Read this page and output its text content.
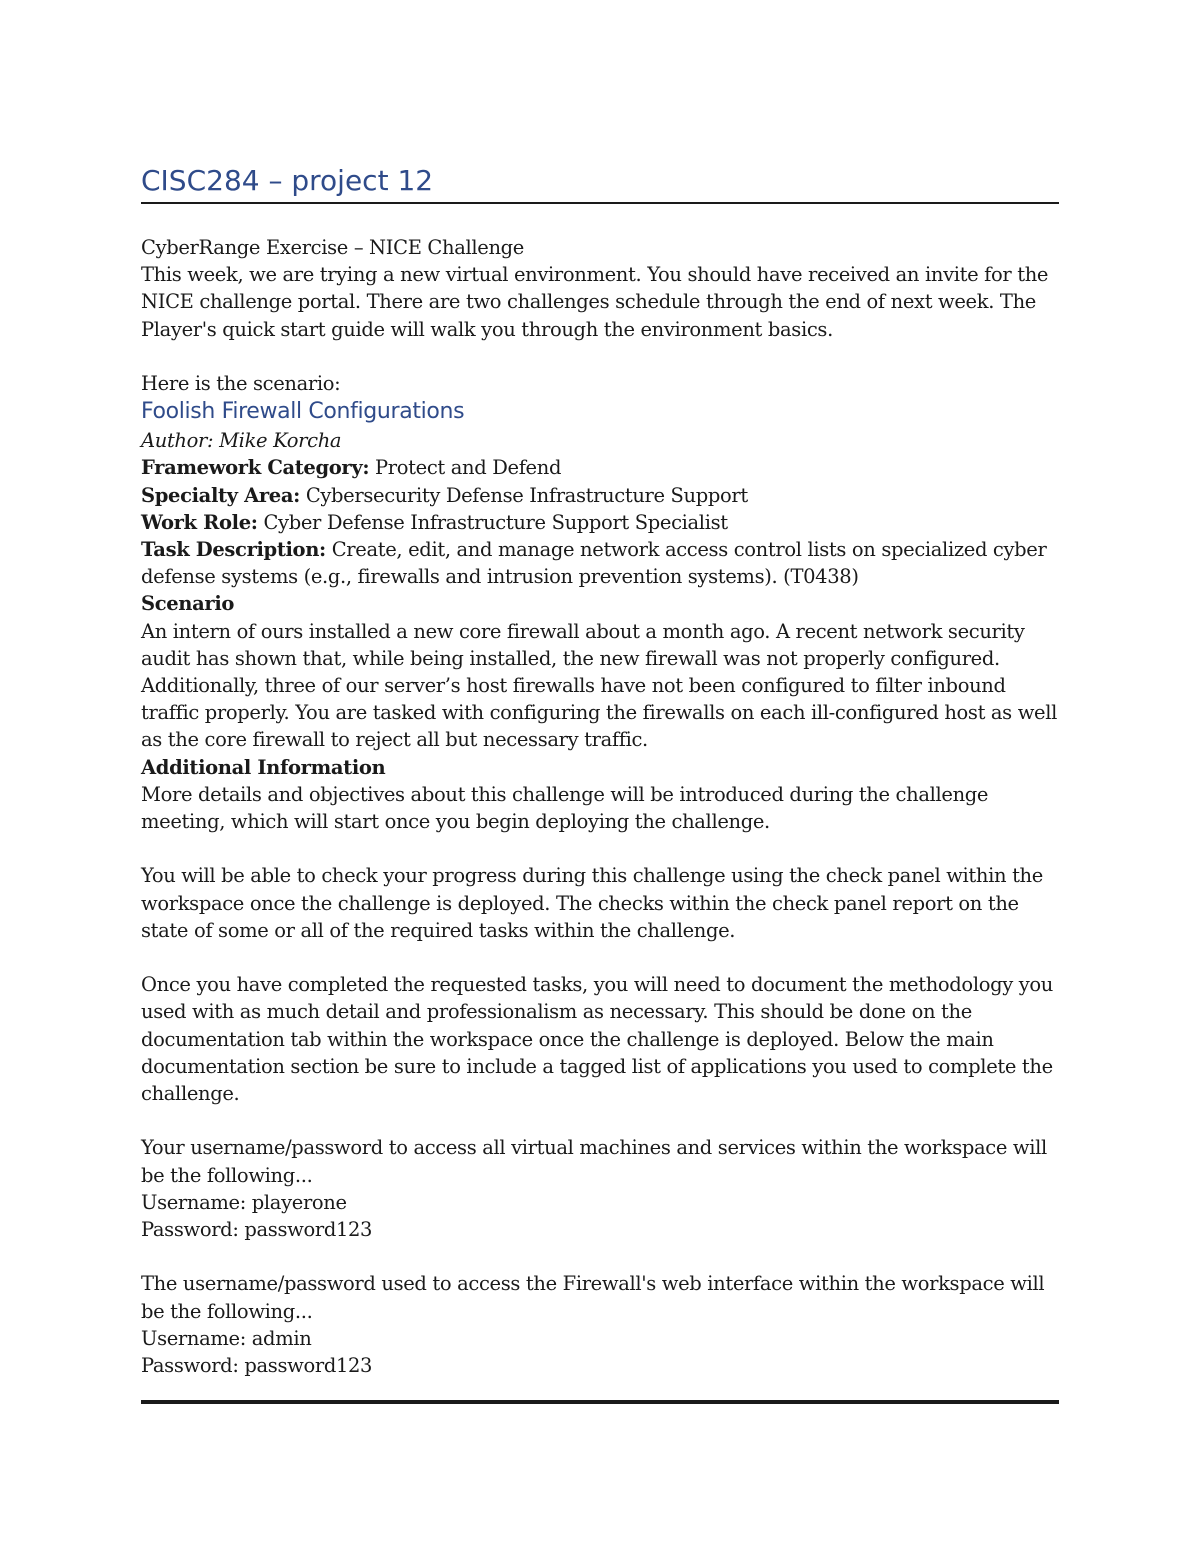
CISC284 – project 12

CyberRange Exercise – NICE Challenge

This week, we are trying a new virtual environment. You should have received an invite for the NICE challenge portal. There are two challenges schedule through the end of next week. The Player's quick start guide will walk you through the environment basics.

Here is the scenario:

Foolish Firewall Configurations

Author: Mike Korcha

Framework Category: Protect and Defend

Specialty Area: Cybersecurity Defense Infrastructure Support

Work Role: Cyber Defense Infrastructure Support Specialist

Task Description: Create, edit, and manage network access control lists on specialized cyber defense systems (e.g., firewalls and intrusion prevention systems). (T0438)

Scenario

An intern of ours installed a new core firewall about a month ago. A recent network security audit has shown that, while being installed, the new firewall was not properly configured. Additionally, three of our server’s host firewalls have not been configured to filter inbound traffic properly. You are tasked with configuring the firewalls on each ill-configured host as well as the core firewall to reject all but necessary traffic.

Additional Information

More details and objectives about this challenge will be introduced during the challenge meeting, which will start once you begin deploying the challenge.

You will be able to check your progress during this challenge using the check panel within the workspace once the challenge is deployed. The checks within the check panel report on the state of some or all of the required tasks within the challenge.

Once you have completed the requested tasks, you will need to document the methodology you used with as much detail and professionalism as necessary. This should be done on the documentation tab within the workspace once the challenge is deployed. Below the main documentation section be sure to include a tagged list of applications you used to complete the challenge.

Your username/password to access all virtual machines and services within the workspace will be the following...

Username: playerone

Password: password123

The username/password used to access the Firewall's web interface within the workspace will be the following...

Username: admin

Password: password123
